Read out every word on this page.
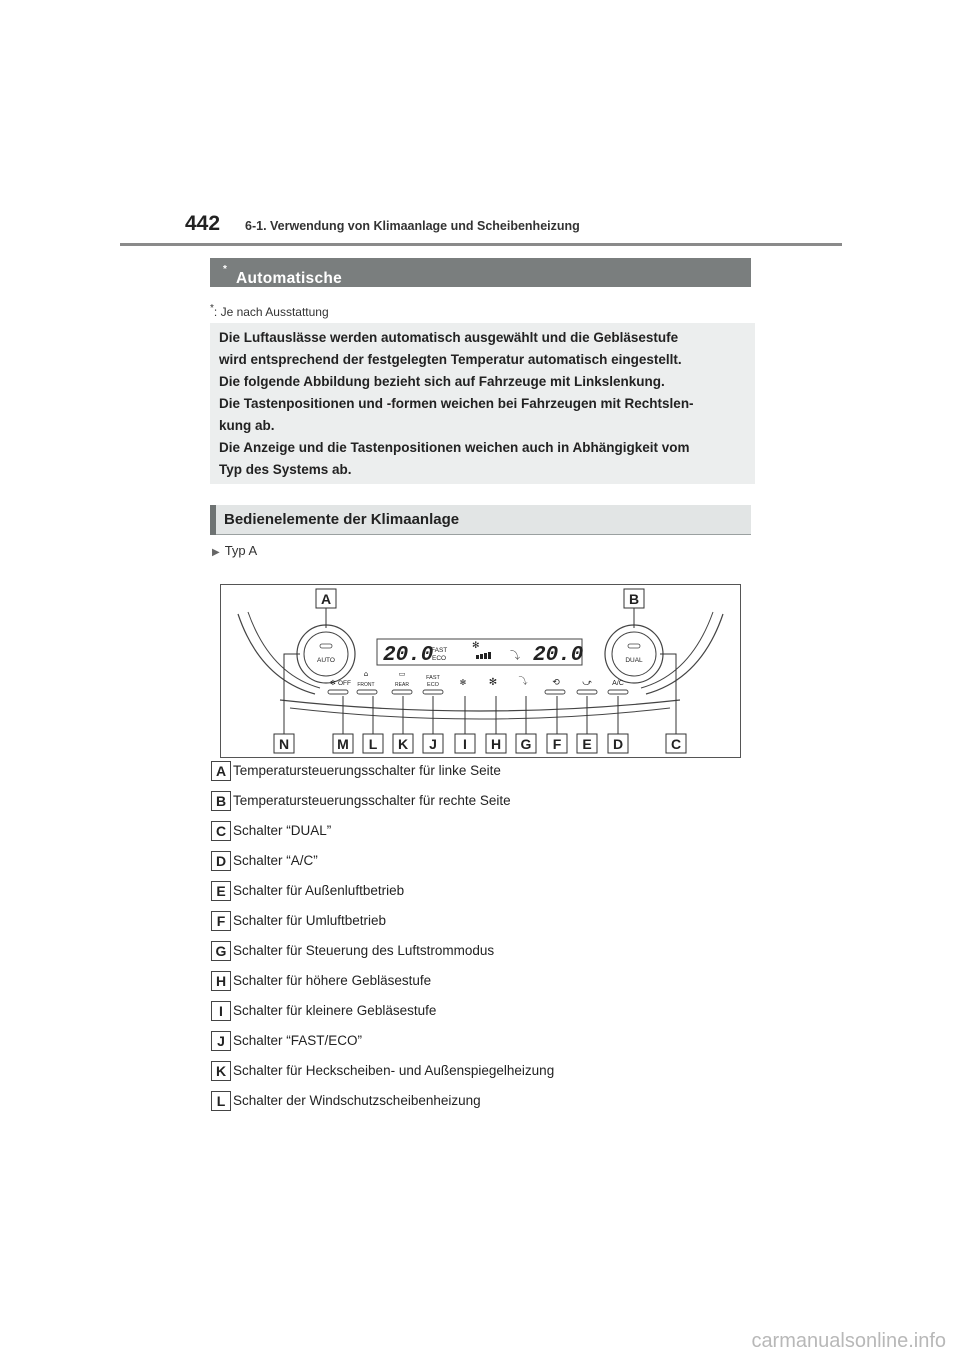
442 6-1. Verwendung von Klimaanlage und Scheibenheizung
Automatische Klimaanlage
*
*: Je nach Ausstattung
Die Luftauslässe werden automatisch ausgewählt und die Gebläsestufe
wird entsprechend der festgelegten Temperatur automatisch eingestellt.
Die folgende Abbildung bezieht sich auf Fahrzeuge mit Linkslenkung.
Die Tastenpositionen und -formen weichen bei Fahrzeugen mit Rechtslen-
kung ab.
Die Anzeige und die Tastenpositionen weichen auch in Abhängigkeit vom
Typ des Systems ab.
Bedienelemente der Klimaanlage
▶ Typ A
AUTO	DUAL
20.0
FAST
ECO
✻
⤵ 20.0
✻ OFF
⌂
FRONT
▭
REAR
FAST
ECO	✻ ✻ ⤵	⟲ ⤻	A/C
A	B
N	M L K J I H G F E D	C
A Temperatursteuerungsschalter für linke Seite
B Temperatursteuerungsschalter für rechte Seite
C Schalter “DUAL”
D Schalter “A/C”
E Schalter für Außenluftbetrieb
F Schalter für Umluftbetrieb
G Schalter für Steuerung des Luftstrommodus
H Schalter für höhere Gebläsestufe
I Schalter für kleinere Gebläsestufe
J Schalter “FAST/ECO”
K Schalter für Heckscheiben- und Außenspiegelheizung
L Schalter der Windschutzscheibenheizung
carmanualsonline.info
